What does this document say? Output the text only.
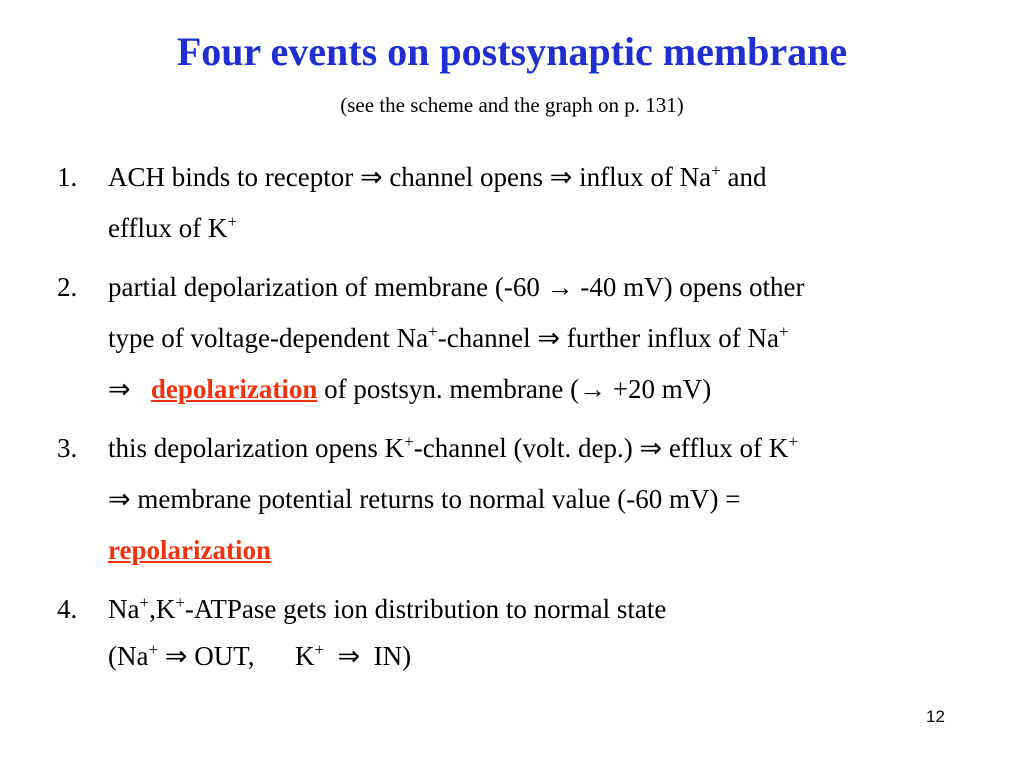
Four events on postsynaptic membrane
(see the scheme and the graph on p. 131)
1. ACH binds to receptor ⇒ channel opens ⇒ influx of Na+ and
efflux of K+
2. partial depolarization of membrane (-60 → -40 mV) opens other
type of voltage-dependent Na+-channel ⇒ further influx of Na+
⇒ depolarization of postsyn. membrane (→ +20 mV)
3. this depolarization opens K+-channel (volt. dep.) ⇒ efflux of K+
⇒ membrane potential returns to normal value (-60 mV) =
repolarization
4. Na+,K+-ATPase gets ion distribution to normal state
(Na+ ⇒ OUT, K+ ⇒ IN)
12
